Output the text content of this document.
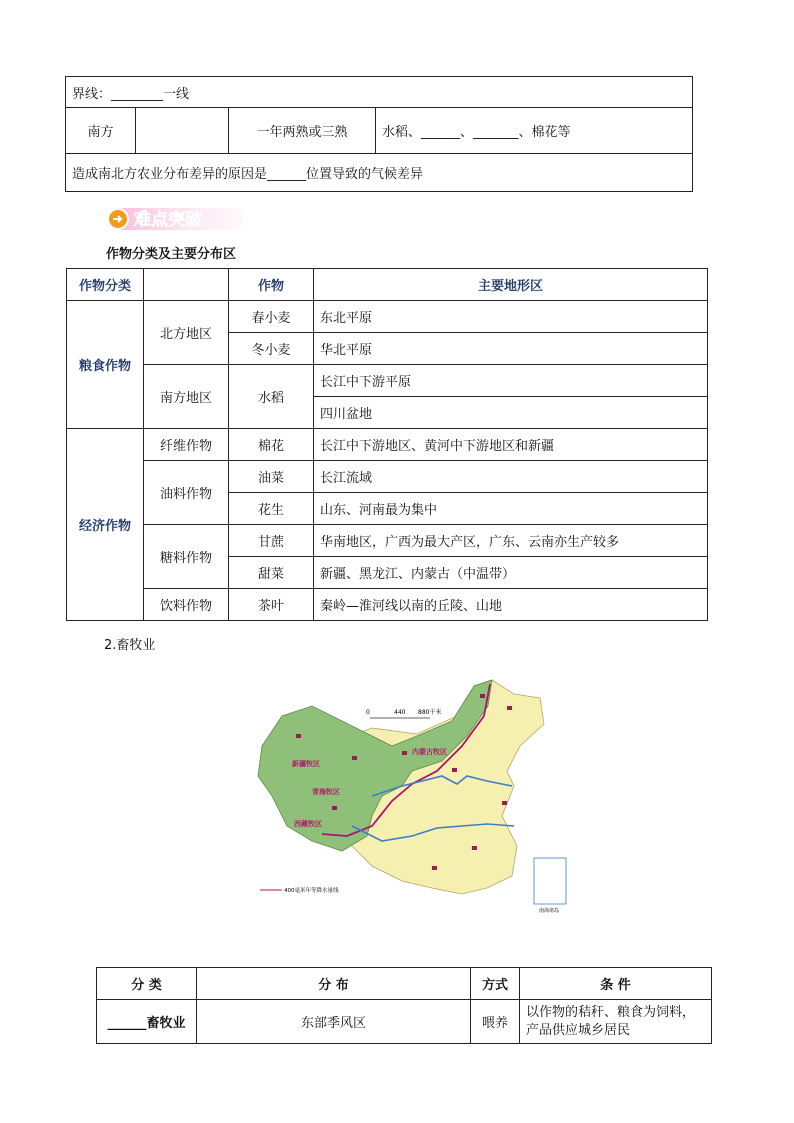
界线：________一线
南方		一年两熟或三熟	水稻、______、_______、棉花等
造成南北方农业分布差异的原因是______位置导致的气候差异
难点突破
作物分类及主要分布区
作物分类		作物	主要地形区
粮食作物	北方地区	春小麦	东北平原
		冬小麦	华北平原
	南方地区	水稻	长江中下游平原
			四川盆地
经济作物	纤维作物	棉花	长江中下游地区、黄河中下游地区和新疆
	油料作物	油菜	长江流域
		花生	山东、河南最为集中
	糖料作物	甘蔗	华南地区，广西为最大产区，广东、云南亦生产较多
		甜菜	新疆、黑龙江、内蒙古（中温带）
	饮料作物	茶叶	秦岭—淮河线以南的丘陵、山地
2.畜牧业
0	440 880千米
新疆牧区
青海牧区
西藏牧区
内蒙古牧区
南海诸岛
400毫米年等降水量线
分 类	分 布	方式	条 件
______畜牧业	东部季风区	喂养	以作物的秸秆、粮食为饲料，
产品供应城乡居民
